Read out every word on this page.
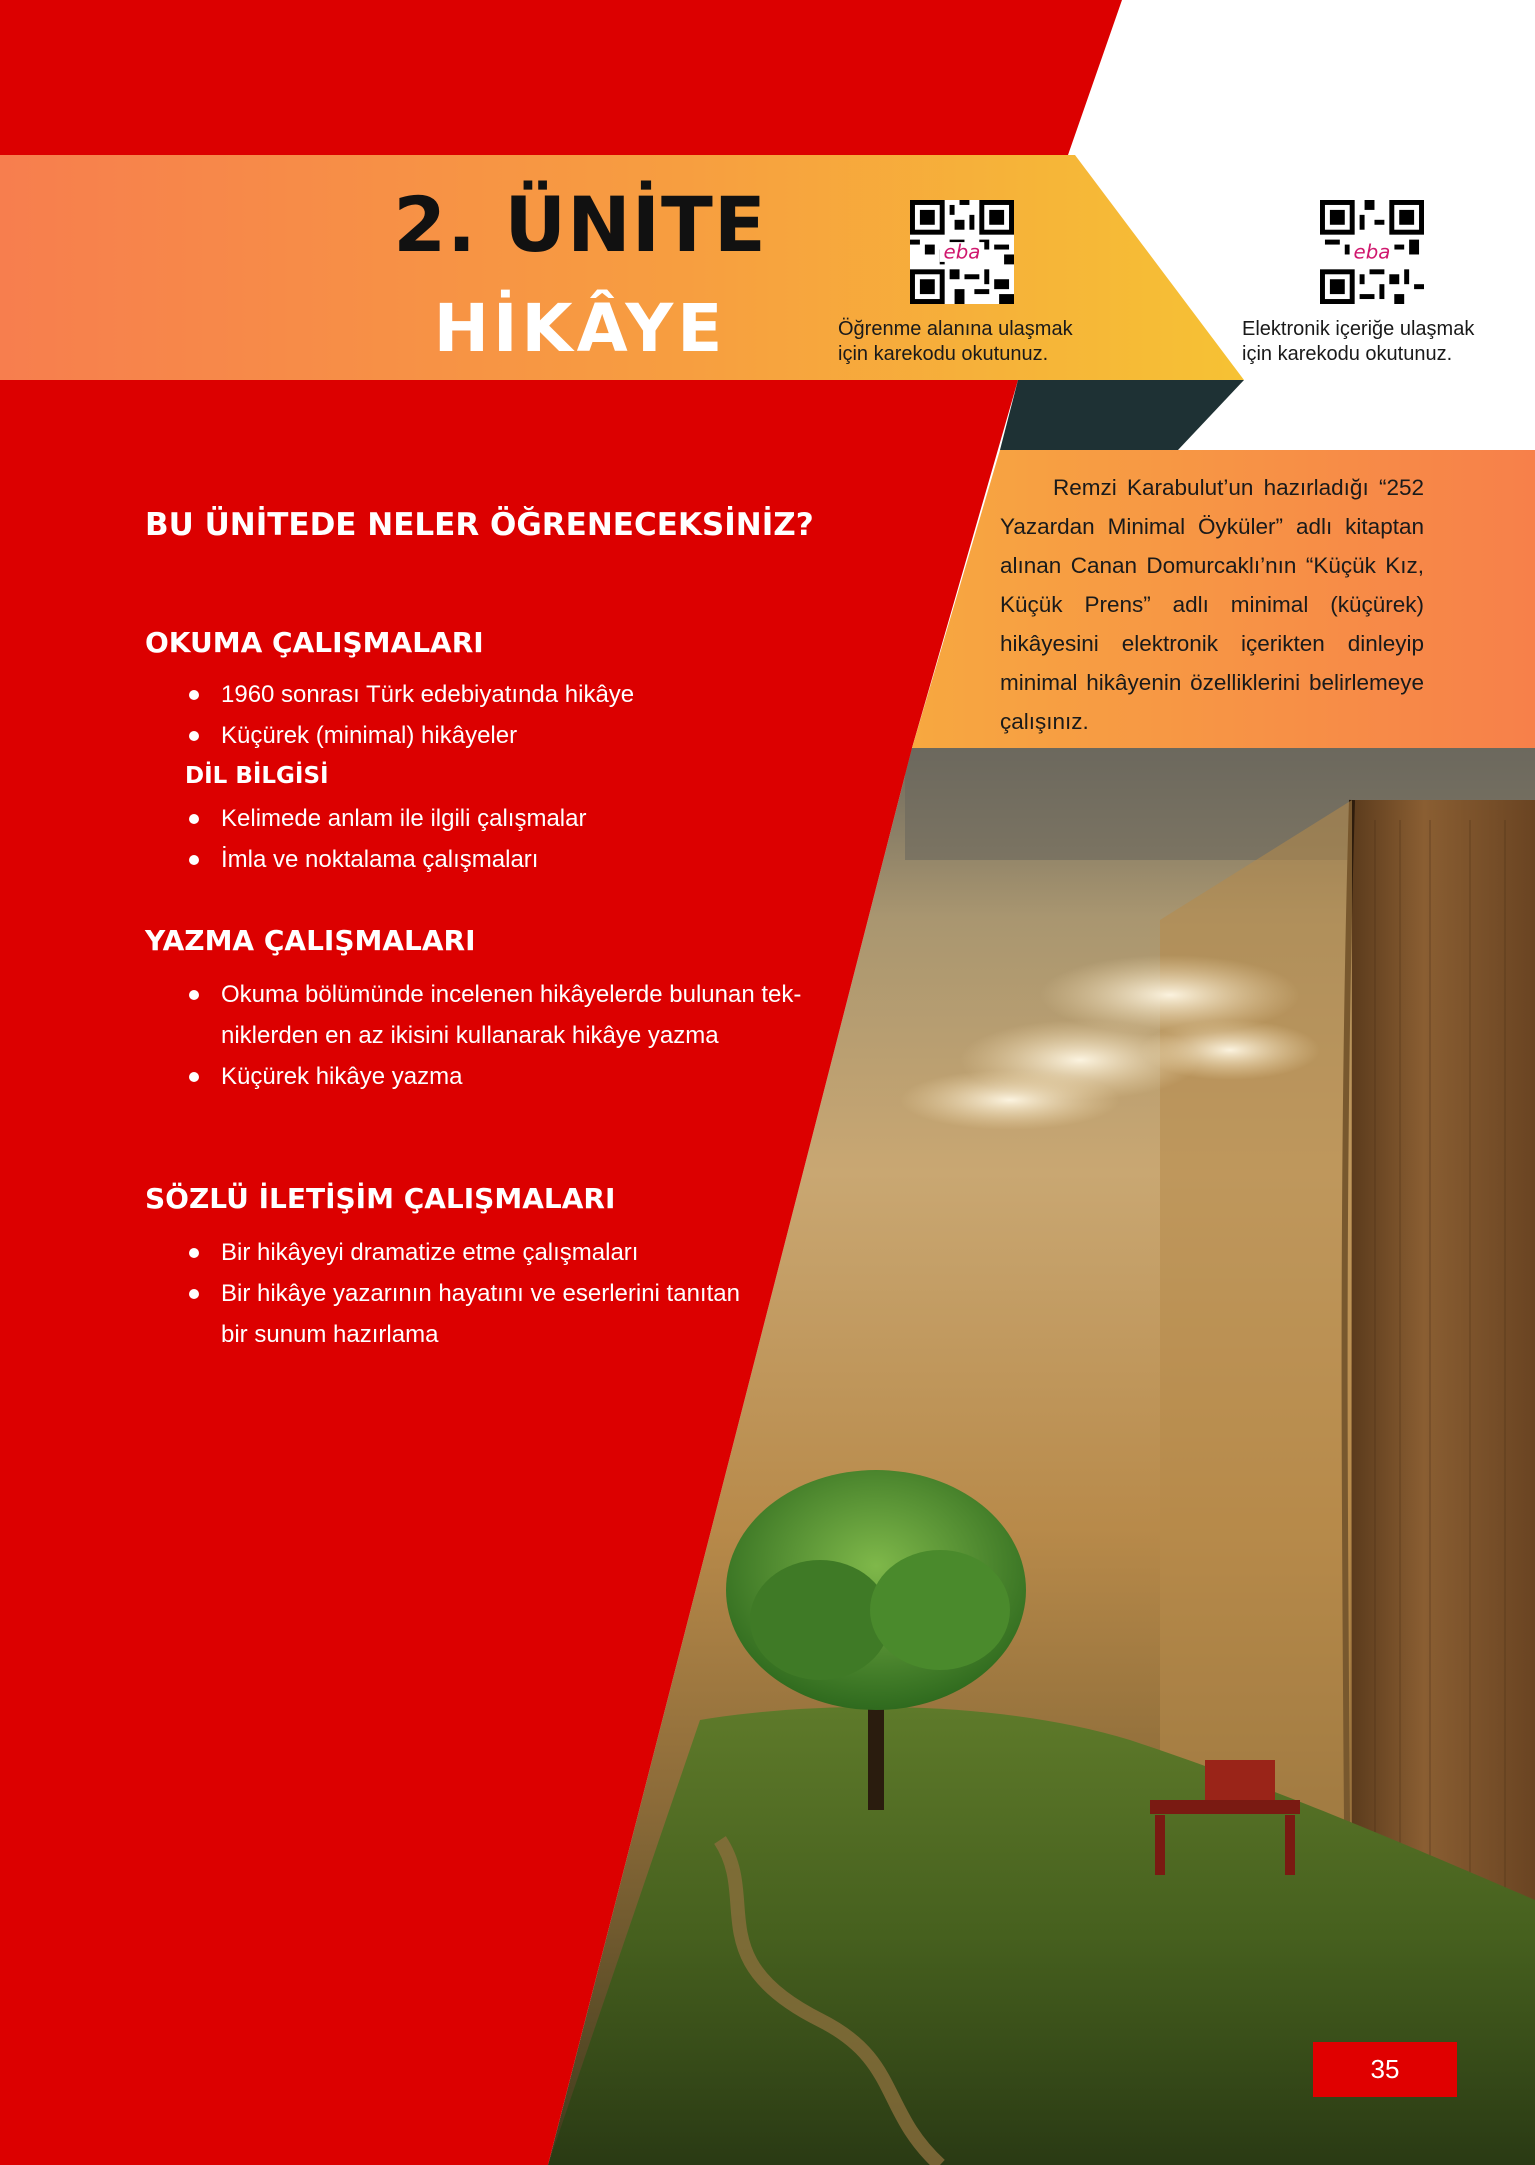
2. ÜNİTE
HİKÂYE
eba
Öğrenme alanına ulaşmak
için karekodu okutunuz.
eba
Elektronik içeriğe ulaşmak
için karekodu okutunuz.
BU ÜNİTEDE NELER ÖĞRENECEKSİNİZ?
OKUMA ÇALIŞMALARI
1960 sonrası Türk edebiyatında hikâye
Küçürek (minimal) hikâyeler
DİL BİLGİSİ
Kelimede anlam ile ilgili çalışmalar
İmla ve noktalama çalışmaları
YAZMA ÇALIŞMALARI
Okuma bölümünde incelenen hikâyelerde bulunan tek-
niklerden en az ikisini kullanarak hikâye yazma
Küçürek hikâye yazma
SÖZLÜ İLETİŞİM ÇALIŞMALARI
Bir hikâyeyi dramatize etme çalışmaları
Bir hikâye yazarının hayatını ve eserlerini tanıtan
bir sunum hazırlama

Remzi Karabulut’un hazırladığı “252 Yazardan Minimal Öyküler” adlı kitaptan alınan Canan Domurcaklı’nın “Küçük Kız, Küçük Prens” adlı minimal (küçürek) hikâyesini elektronik içerikten dinleyip minimal hikâyenin özelliklerini belirlemeye çalışınız.

35
